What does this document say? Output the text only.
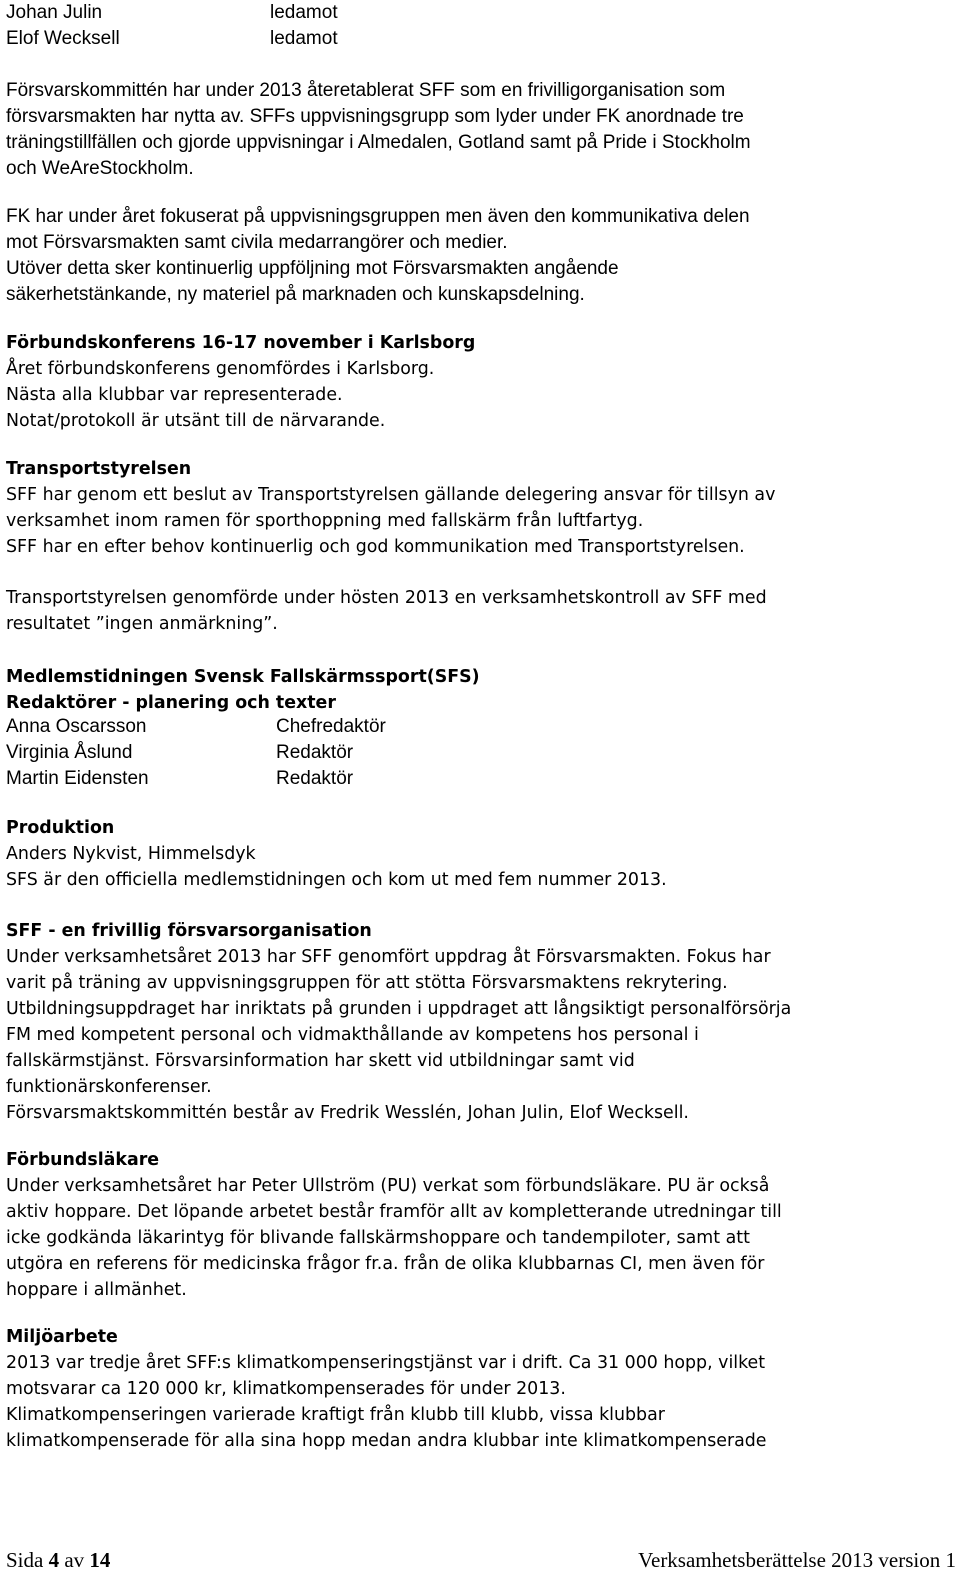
Johan Julin	ledamot
Elof Wecksell	ledamot
Försvarskommittén har under 2013 återetablerat SFF som en frivilligorganisation som
försvarsmakten har nytta av. SFFs uppvisningsgrupp som lyder under FK anordnade tre
träningstillfällen och gjorde uppvisningar i Almedalen, Gotland samt på Pride i Stockholm
och WeAreStockholm.
FK har under året fokuserat på uppvisningsgruppen men även den kommunikativa delen
mot Försvarsmakten samt civila medarrangörer och medier.
Utöver detta sker kontinuerlig uppföljning mot Försvarsmakten angående
säkerhetstänkande, ny materiel på marknaden och kunskapsdelning.
Förbundskonferens 16-17 november i Karlsborg
Året förbundskonferens genomfördes i Karlsborg.
Nästa alla klubbar var representerade.
Notat/protokoll är utsänt till de närvarande.
Transportstyrelsen
SFF har genom ett beslut av Transportstyrelsen gällande delegering ansvar för tillsyn av
verksamhet inom ramen för sporthoppning med fallskärm från luftfartyg.
SFF har en efter behov kontinuerlig och god kommunikation med Transportstyrelsen.
Transportstyrelsen genomförde under hösten 2013 en verksamhetskontroll av SFF med
resultatet ”ingen anmärkning”.
Medlemstidningen Svensk Fallskärmssport(SFS)
Redaktörer - planering och texter
Anna Oscarsson	Chefredaktör
Virginia Åslund	Redaktör
Martin Eidensten	Redaktör
Produktion
Anders Nykvist, Himmelsdyk
SFS är den officiella medlemstidningen och kom ut med fem nummer 2013.
SFF - en frivillig försvarsorganisation
Under verksamhetsåret 2013 har SFF genomfört uppdrag åt Försvarsmakten. Fokus har
varit på träning av uppvisningsgruppen för att stötta Försvarsmaktens rekrytering.
Utbildningsuppdraget har inriktats på grunden i uppdraget att långsiktigt personalförsörja
FM med kompetent personal och vidmakthållande av kompetens hos personal i
fallskärmstjänst. Försvarsinformation har skett vid utbildningar samt vid
funktionärskonferenser.
Försvarsmaktskommittén består av Fredrik Wesslén, Johan Julin, Elof Wecksell.
Förbundsläkare
Under verksamhetsåret har Peter Ullström (PU) verkat som förbundsläkare. PU är också
aktiv hoppare. Det löpande arbetet består framför allt av kompletterande utredningar till
icke godkända läkarintyg för blivande fallskärmshoppare och tandempiloter, samt att
utgöra en referens för medicinska frågor fr.a. från de olika klubbarnas CI, men även för
hoppare i allmänhet.
Miljöarbete
2013 var tredje året SFF:s klimatkompenseringstjänst var i drift. Ca 31 000 hopp, vilket
motsvarar ca 120 000 kr, klimatkompenserades för under 2013.
Klimatkompenseringen varierade kraftigt från klubb till klubb, vissa klubbar
klimatkompenserade för alla sina hopp medan andra klubbar inte klimatkompenserade
Sida 4 av 14	Verksamhetsberättelse 2013 version 1
